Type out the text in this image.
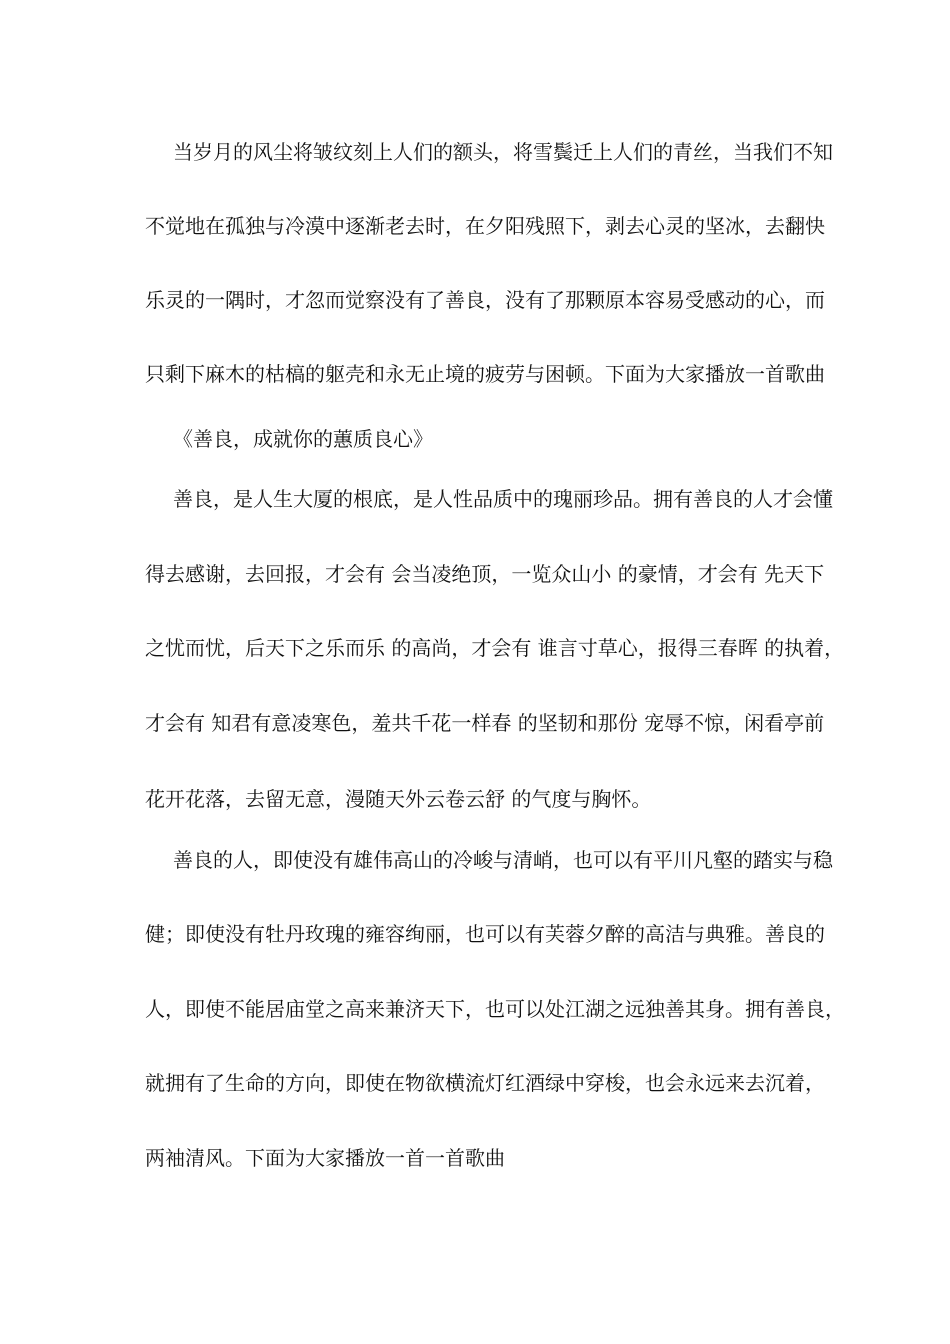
当岁月的风尘将皱纹刻上人们的额头，将雪鬓迁上人们的青丝，当我们不知
不觉地在孤独与冷漠中逐渐老去时，在夕阳残照下，剥去心灵的坚冰，去翻快
乐灵的一隅时，才忽而觉察没有了善良，没有了那颗原本容易受感动的心，而
只剩下麻木的枯槁的躯壳和永无止境的疲劳与困顿。下面为大家播放一首歌曲
《善良，成就你的蕙质良心》
善良，是人生大厦的根底，是人性品质中的瑰丽珍品。拥有善良的人才会懂
得去感谢，去回报，才会有 会当凌绝顶，一览众山小 的豪情，才会有 先天下
之忧而忧，后天下之乐而乐 的高尚，才会有 谁言寸草心，报得三春晖 的执着，
才会有 知君有意凌寒色，羞共千花一样春 的坚韧和那份 宠辱不惊，闲看亭前
花开花落，去留无意，漫随天外云卷云舒 的气度与胸怀。
善良的人，即使没有雄伟高山的冷峻与清峭，也可以有平川凡壑的踏实与稳
健；即使没有牡丹玫瑰的雍容绚丽，也可以有芙蓉夕醉的高洁与典雅。善良的
人，即使不能居庙堂之高来兼济天下，也可以处江湖之远独善其身。拥有善良，
就拥有了生命的方向，即使在物欲横流灯红酒绿中穿梭，也会永远来去沉着，
两袖清风。下面为大家播放一首一首歌曲
